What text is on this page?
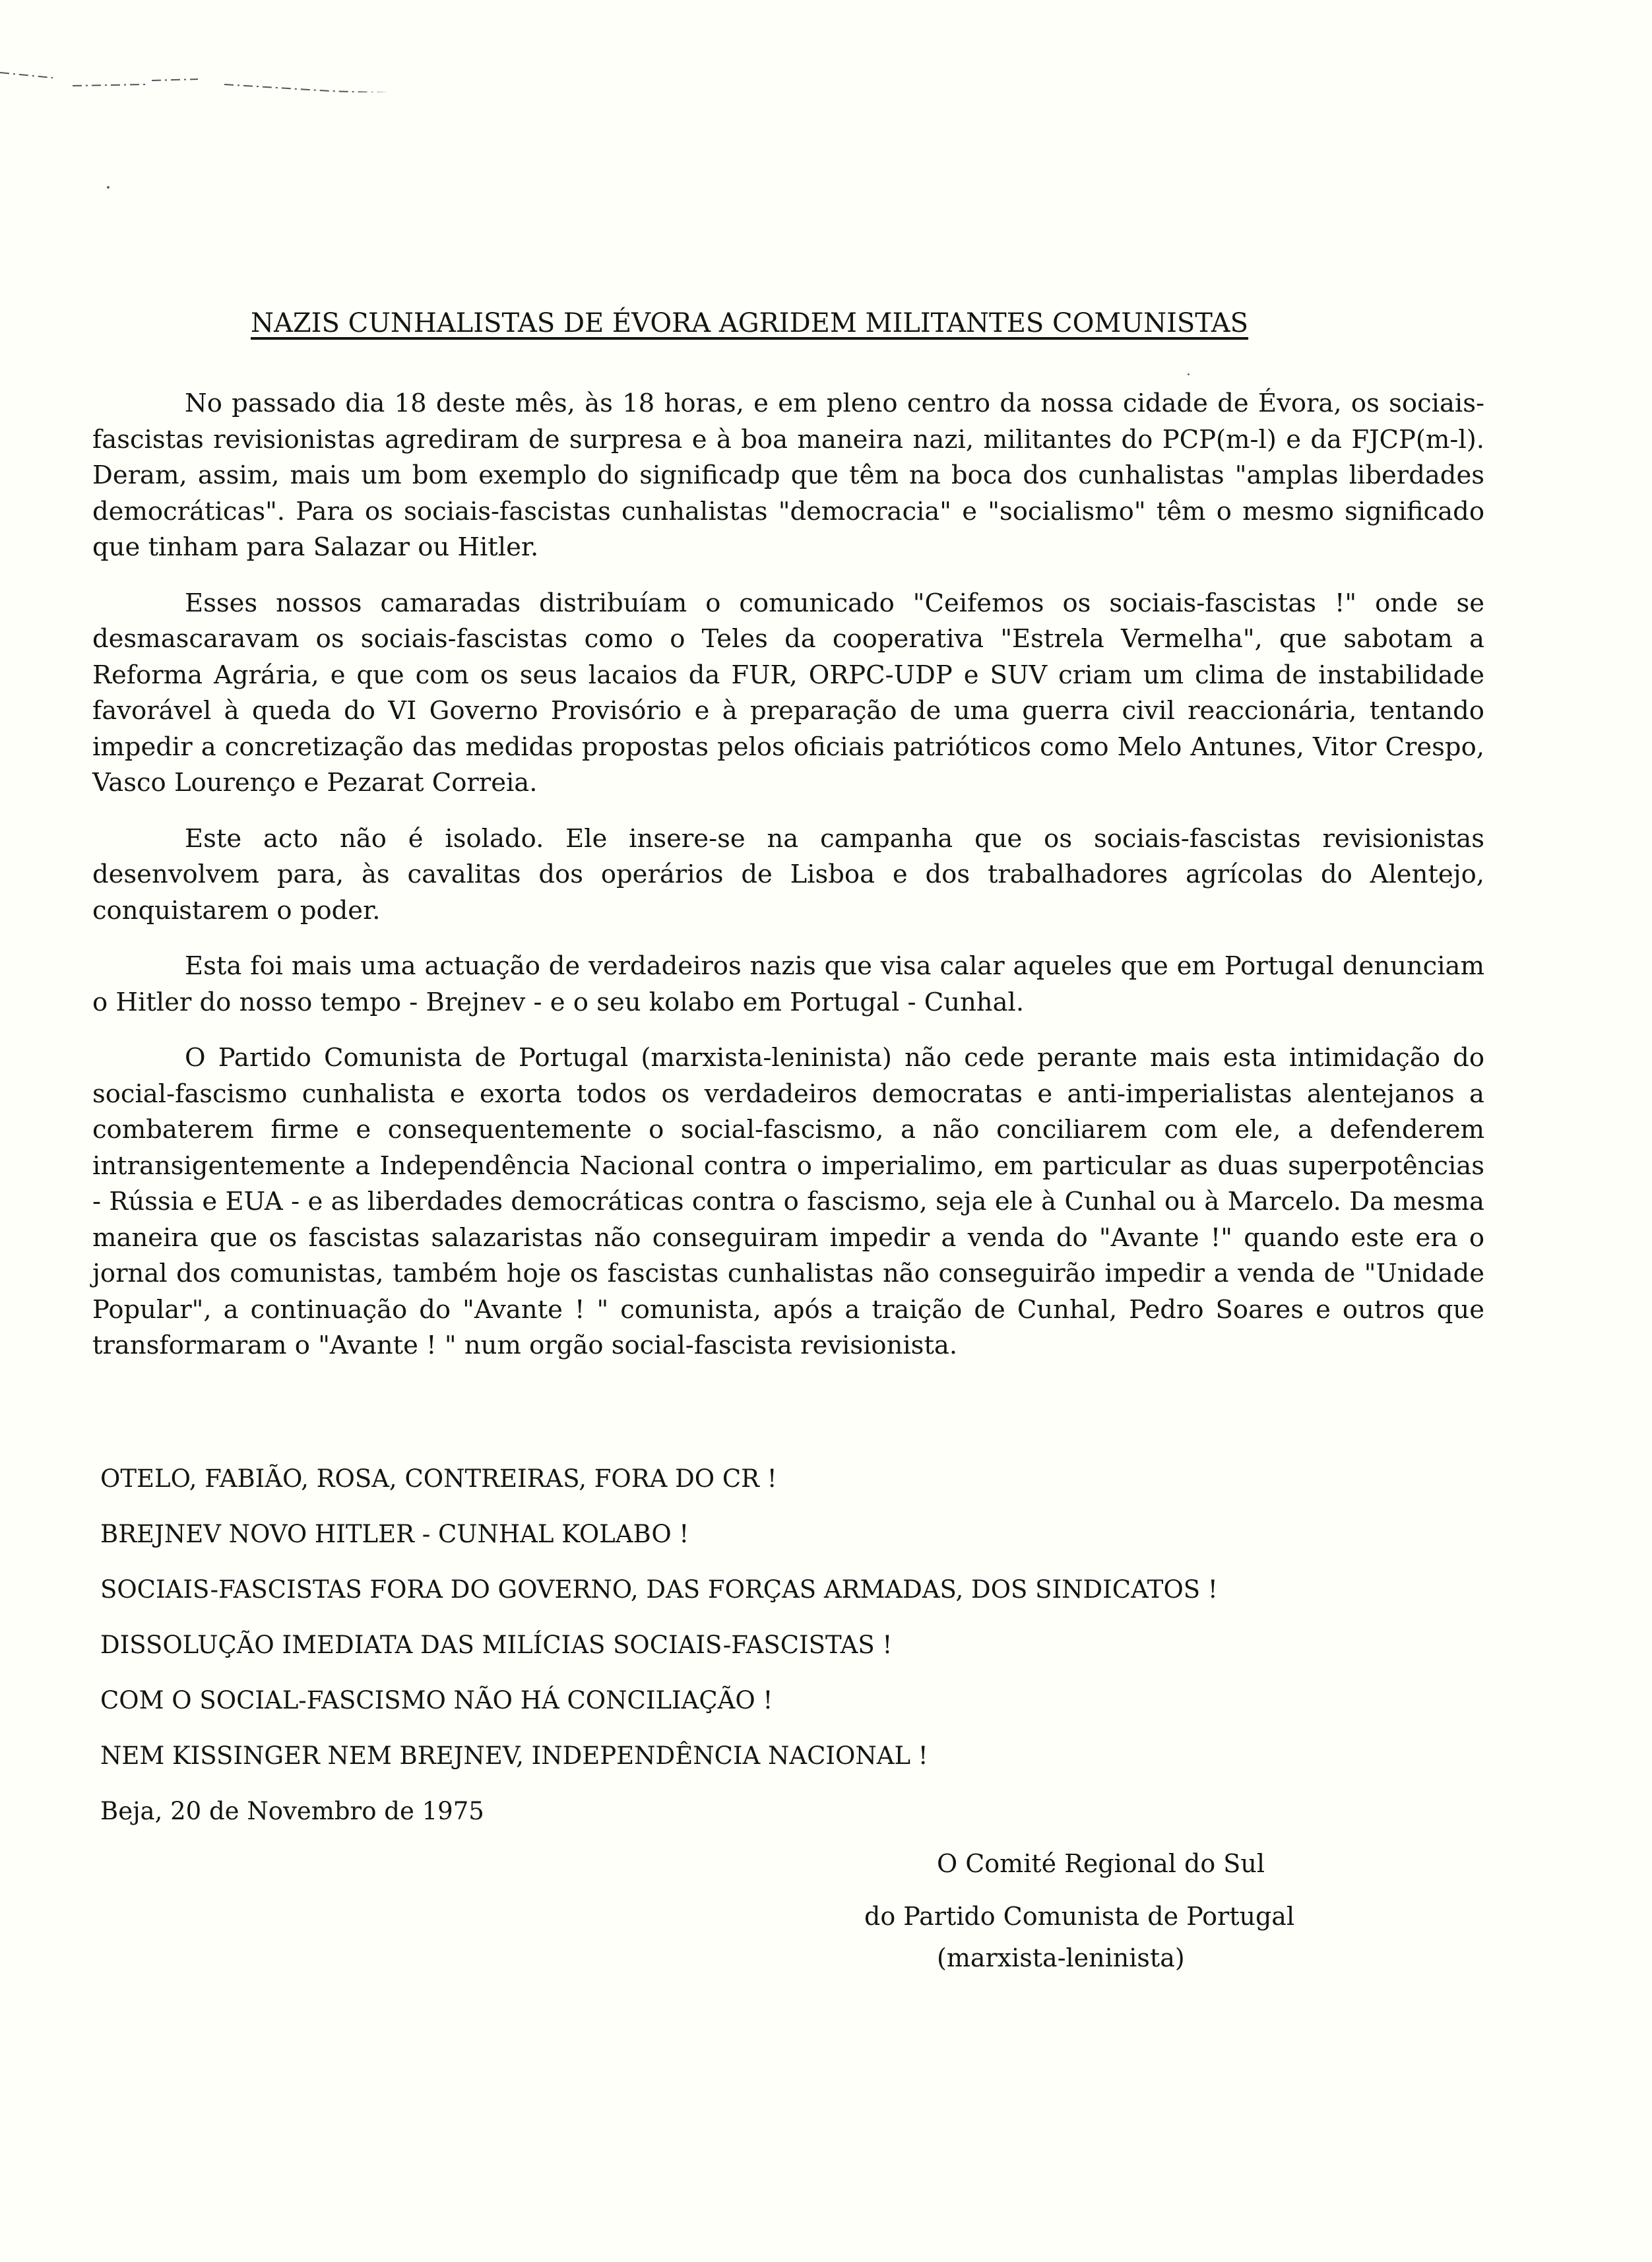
NAZIS CUNHALISTAS DE ÉVORA AGRIDEM MILITANTES COMUNISTAS

No passado dia 18 deste mês, às 18 horas, e em pleno centro da nossa cidade de Évora, os sociais-fascistas revisionistas agrediram de surpresa e à boa maneira nazi, militantes do PCP(m-l) e da FJCP(m-l). Deram, assim, mais um bom exemplo do significadp que têm na boca dos cunhalistas "amplas liberdades democráticas". Para os sociais-fascistas cunhalistas "democracia" e "socialismo" têm o mesmo significado que tinham para Salazar ou Hitler.

Esses nossos camaradas distribuíam o comunicado "Ceifemos os sociais-fascistas !" onde se desmascaravam os sociais-fascistas como o Teles da cooperativa "Estrela Vermelha", que sabotam a Reforma Agrária, e que com os seus lacaios da FUR, ORPC-UDP e SUV criam um clima de instabilidade favorável à queda do VI Governo Provisório e à preparação de uma guerra civil reaccionária, tentando impedir a concretização das medidas propostas pelos oficiais patrióticos como Melo Antunes, Vitor Crespo, Vasco Lourenço e Pezarat Correia.

Este acto não é isolado. Ele insere-se na campanha que os sociais-fascistas revisionistas desenvolvem para, às cavalitas dos operários de Lisboa e dos trabalhadores agrícolas do Alentejo, conquistarem o poder.

Esta foi mais uma actuação de verdadeiros nazis que visa calar aqueles que em Portugal denunciam o Hitler do nosso tempo - Brejnev - e o seu kolabo em Portugal - Cunhal.

O Partido Comunista de Portugal (marxista-leninista) não cede perante mais esta intimidação do social-fascismo cunhalista e exorta todos os verdadeiros democratas e anti-imperialistas alentejanos a combaterem firme e consequentemente o social-fascismo, a não conciliarem com ele, a defenderem intransigentemente a Independência Nacional contra o imperialimo, em particular as duas superpotências - Rússia e EUA - e as liberdades democráticas contra o fascismo, seja ele à Cunhal ou à Marcelo. Da mesma maneira que os fascistas salazaristas não conseguiram impedir a venda do "Avante !" quando este era o jornal dos comunistas, também hoje os fascistas cunhalistas não conseguirão impedir a venda de "Unidade Popular", a continuação do "Avante ! " comunista, após a traição de Cunhal, Pedro Soares e outros que transformaram o "Avante ! " num orgão social-fascista revisionista.

OTELO, FABIÃO, ROSA, CONTREIRAS, FORA DO CR !
BREJNEV NOVO HITLER - CUNHAL KOLABO !
SOCIAIS-FASCISTAS FORA DO GOVERNO, DAS FORÇAS ARMADAS, DOS SINDICATOS !
DISSOLUÇÃO IMEDIATA DAS MILÍCIAS SOCIAIS-FASCISTAS !
COM O SOCIAL-FASCISMO NÃO HÁ CONCILIAÇÃO !
NEM KISSINGER NEM BREJNEV, INDEPENDÊNCIA NACIONAL !
Beja, 20 de Novembro de 1975
O Comité Regional do Sul
do Partido Comunista de Portugal
(marxista-leninista)
